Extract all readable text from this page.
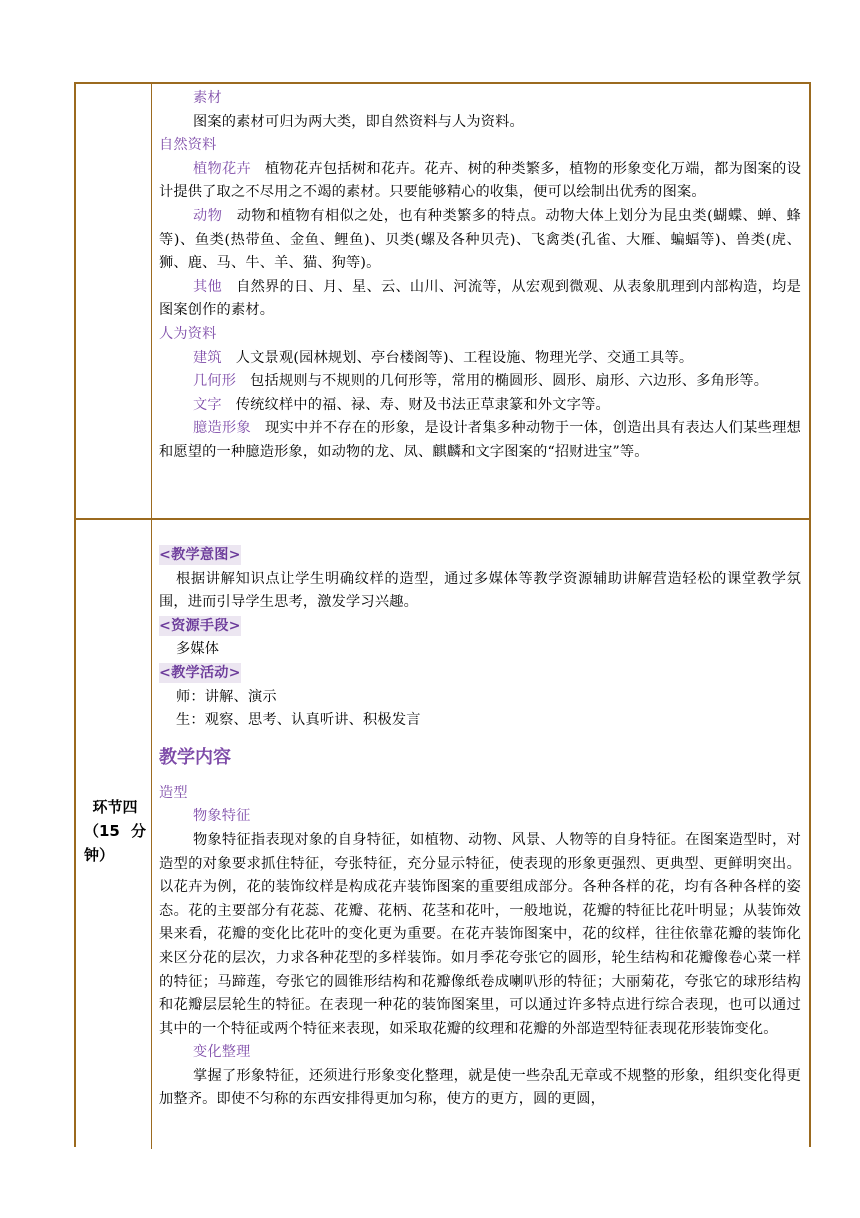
素材

图案的素材可归为两大类，即自然资料与人为资料。

自然资料

植物花卉 植物花卉包括树和花卉。花卉、树的种类繁多，植物的形象变化万端，都为图案的设计提供了取之不尽用之不竭的素材。只要能够精心的收集，便可以绘制出优秀的图案。

动物 动物和植物有相似之处，也有种类繁多的特点。动物大体上划分为昆虫类(蝴蝶、蝉、蜂等)、鱼类(热带鱼、金鱼、鲤鱼)、贝类(螺及各种贝壳)、飞禽类(孔雀、大雁、蝙蝠等)、兽类(虎、狮、鹿、马、牛、羊、猫、狗等)。

其他 自然界的日、月、星、云、山川、河流等，从宏观到微观、从表象肌理到内部构造，均是图案创作的素材。

人为资料

建筑 人文景观(园林规划、亭台楼阁等)、工程设施、物理光学、交通工具等。

几何形 包括规则与不规则的几何形等，常用的椭圆形、圆形、扇形、六边形、多角形等。

文字 传统纹样中的福、禄、寿、财及书法正草隶篆和外文字等。

臆造形象 现实中并不存在的形象，是设计者集多种动物于一体，创造出具有表达人们某些理想和愿望的一种臆造形象，如动物的龙、凤、麒麟和文字图案的“招财进宝”等。

环节四
（15 分
钟）

<教学意图>

根据讲解知识点让学生明确纹样的造型，通过多媒体等教学资源辅助讲解营造轻松的课堂教学氛围，进而引导学生思考，激发学习兴趣。

<资源手段>

多媒体

<教学活动>

师：讲解、演示

生：观察、思考、认真听讲、积极发言

教学内容

造型

物象特征

物象特征指表现对象的自身特征，如植物、动物、风景、人物等的自身特征。在图案造型时，对造型的对象要求抓住特征，夸张特征，充分显示特征，使表现的形象更强烈、更典型、更鲜明突出。以花卉为例，花的装饰纹样是构成花卉装饰图案的重要组成部分。各种各样的花，均有各种各样的姿态。花的主要部分有花蕊、花瓣、花柄、花茎和花叶，一般地说，花瓣的特征比花叶明显；从装饰效果来看，花瓣的变化比花叶的变化更为重要。在花卉装饰图案中，花的纹样，往往依靠花瓣的装饰化来区分花的层次，力求各种花型的多样装饰。如月季花夸张它的圆形，轮生结构和花瓣像卷心菜一样的特征；马蹄莲，夸张它的圆锥形结构和花瓣像纸卷成喇叭形的特征；大丽菊花，夸张它的球形结构和花瓣层层轮生的特征。在表现一种花的装饰图案里，可以通过许多特点进行综合表现，也可以通过其中的一个特征或两个特征来表现，如采取花瓣的纹理和花瓣的外部造型特征表现花形装饰变化。

变化整理

掌握了形象特征，还须进行形象变化整理，就是使一些杂乱无章或不规整的形象，组织变化得更加整齐。即使不匀称的东西安排得更加匀称，使方的更方，圆的更圆，
